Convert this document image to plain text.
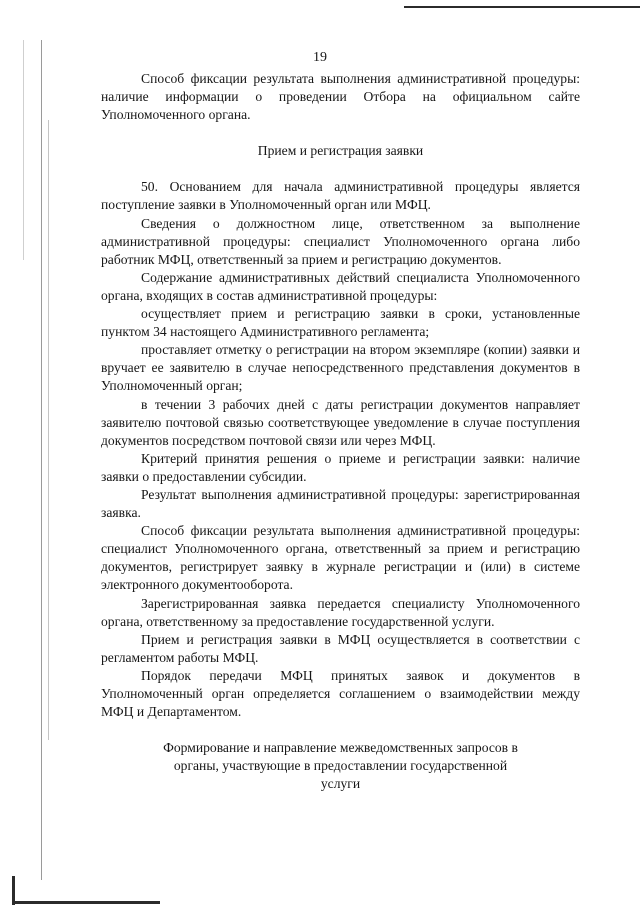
19

Способ фиксации результата выполнения административной процедуры: наличие информации о проведении Отбора на официальном сайте Уполномоченного органа.

Прием и регистрация заявки

50. Основанием для начала административной процедуры является поступление заявки в Уполномоченный орган или МФЦ.

Сведения о должностном лице, ответственном за выполнение административной процедуры: специалист Уполномоченного органа либо работник МФЦ, ответственный за прием и регистрацию документов.

Содержание административных действий специалиста Уполномоченного органа, входящих в состав административной процедуры:

осуществляет прием и регистрацию заявки в сроки, установленные пунктом 34 настоящего Административного регламента;

проставляет отметку о регистрации на втором экземпляре (копии) заявки и вручает ее заявителю в случае непосредственного представления документов в Уполномоченный орган;

в течении 3 рабочих дней с даты регистрации документов направляет заявителю почтовой связью соответствующее уведомление в случае поступления документов посредством почтовой связи или через МФЦ.

Критерий принятия решения о приеме и регистрации заявки: наличие заявки о предоставлении субсидии.

Результат выполнения административной процедуры: зарегистрированная заявка.

Способ фиксации результата выполнения административной процедуры: специалист Уполномоченного органа, ответственный за прием и регистрацию документов, регистрирует заявку в журнале регистрации и (или) в системе электронного документооборота.

Зарегистрированная заявка передается специалисту Уполномоченного органа, ответственному за предоставление государственной услуги.

Прием и регистрация заявки в МФЦ осуществляется в соответствии с регламентом работы МФЦ.

Порядок передачи МФЦ принятых заявок и документов в Уполномоченный орган определяется соглашением о взаимодействии между МФЦ и Департаментом.

Формирование и направление межведомственных запросов в органы, участвующие в предоставлении государственной услуги
